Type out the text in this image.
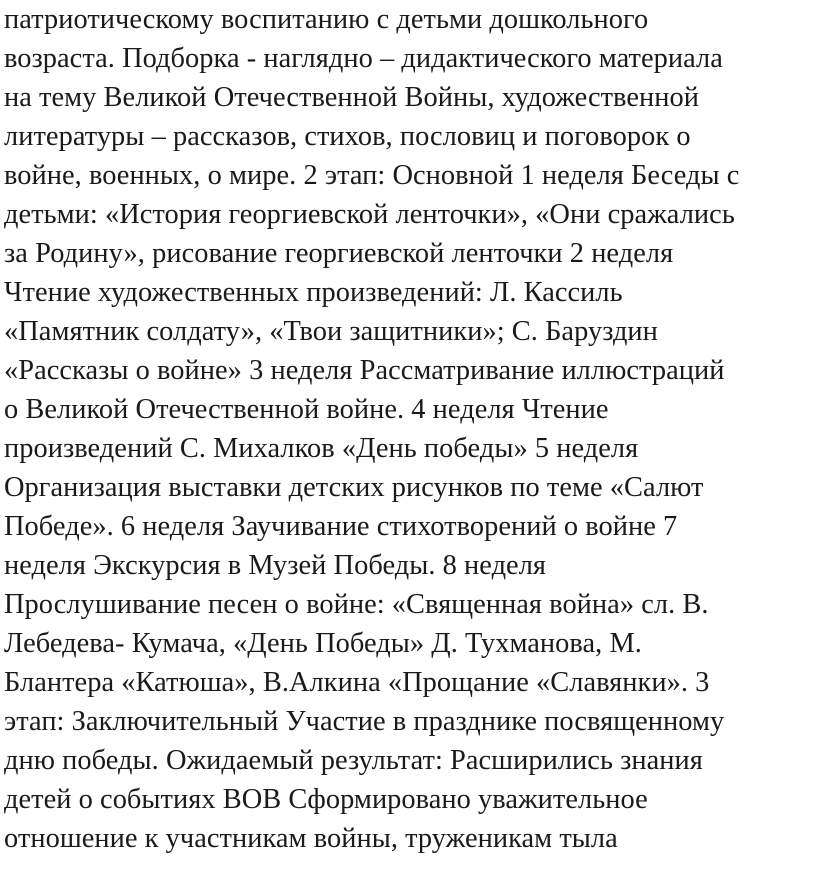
патриотическому воспитанию с детьми дошкольного
возраста. Подборка - наглядно – дидактического материала
на тему Великой Отечественной Войны, художественной
литературы – рассказов, стихов, пословиц и поговорок о
войне, военных, о мире. 2 этап: Основной 1 неделя Беседы с
детьми: «История георгиевской ленточки», «Они сражались
за Родину», рисование георгиевской ленточки 2 неделя
Чтение художественных произведений: Л. Кассиль
«Памятник солдату», «Твои защитники»; С. Баруздин
«Рассказы о войне» 3 неделя Рассматривание иллюстраций
о Великой Отечественной войне. 4 неделя Чтение
произведений С. Михалков «День победы» 5 неделя
Организация выставки детских рисунков по теме «Салют
Победе». 6 неделя Заучивание стихотворений о войне 7
неделя Экскурсия в Музей Победы. 8 неделя
Прослушивание песен о войне: «Священная война» сл. В.
Лебедева- Кумача, «День Победы» Д. Тухманова, М.
Блантера «Катюша», В.Алкина «Прощание «Славянки». 3
этап: Заключительный Участие в празднике посвященному
дню победы. Ожидаемый результат: Расширились знания
детей о событиях ВОВ Сформировано уважительное
отношение к участникам войны, труженикам тыла
